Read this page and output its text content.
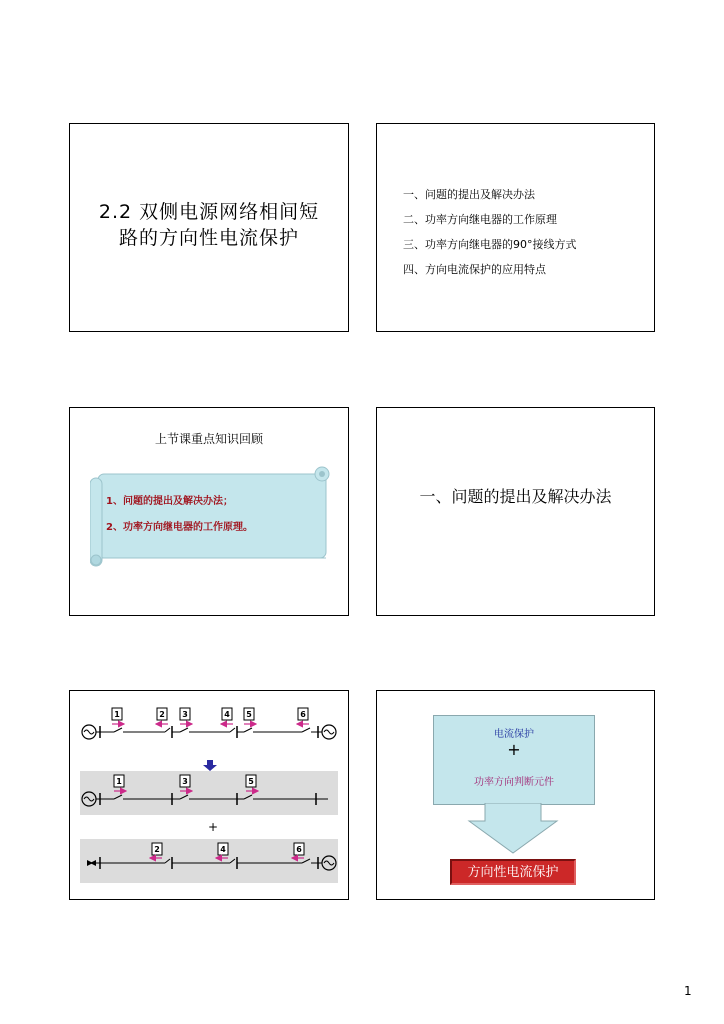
2.2 双侧电源网络相间短
路的方向性电流保护
一、问题的提出及解决办法
二、功率方向继电器的工作原理
三、功率方向继电器的90°接线方式
四、方向电流保护的应用特点
上节课重点知识回顾
1、问题的提出及解决办法；
2、功率方向继电器的工作原理。
一、问题的提出及解决办法
1	2 3	4 5	6
1	3	5
+
2	4	6
电流保护
+
功率方向判断元件
方向性电流保护
1
